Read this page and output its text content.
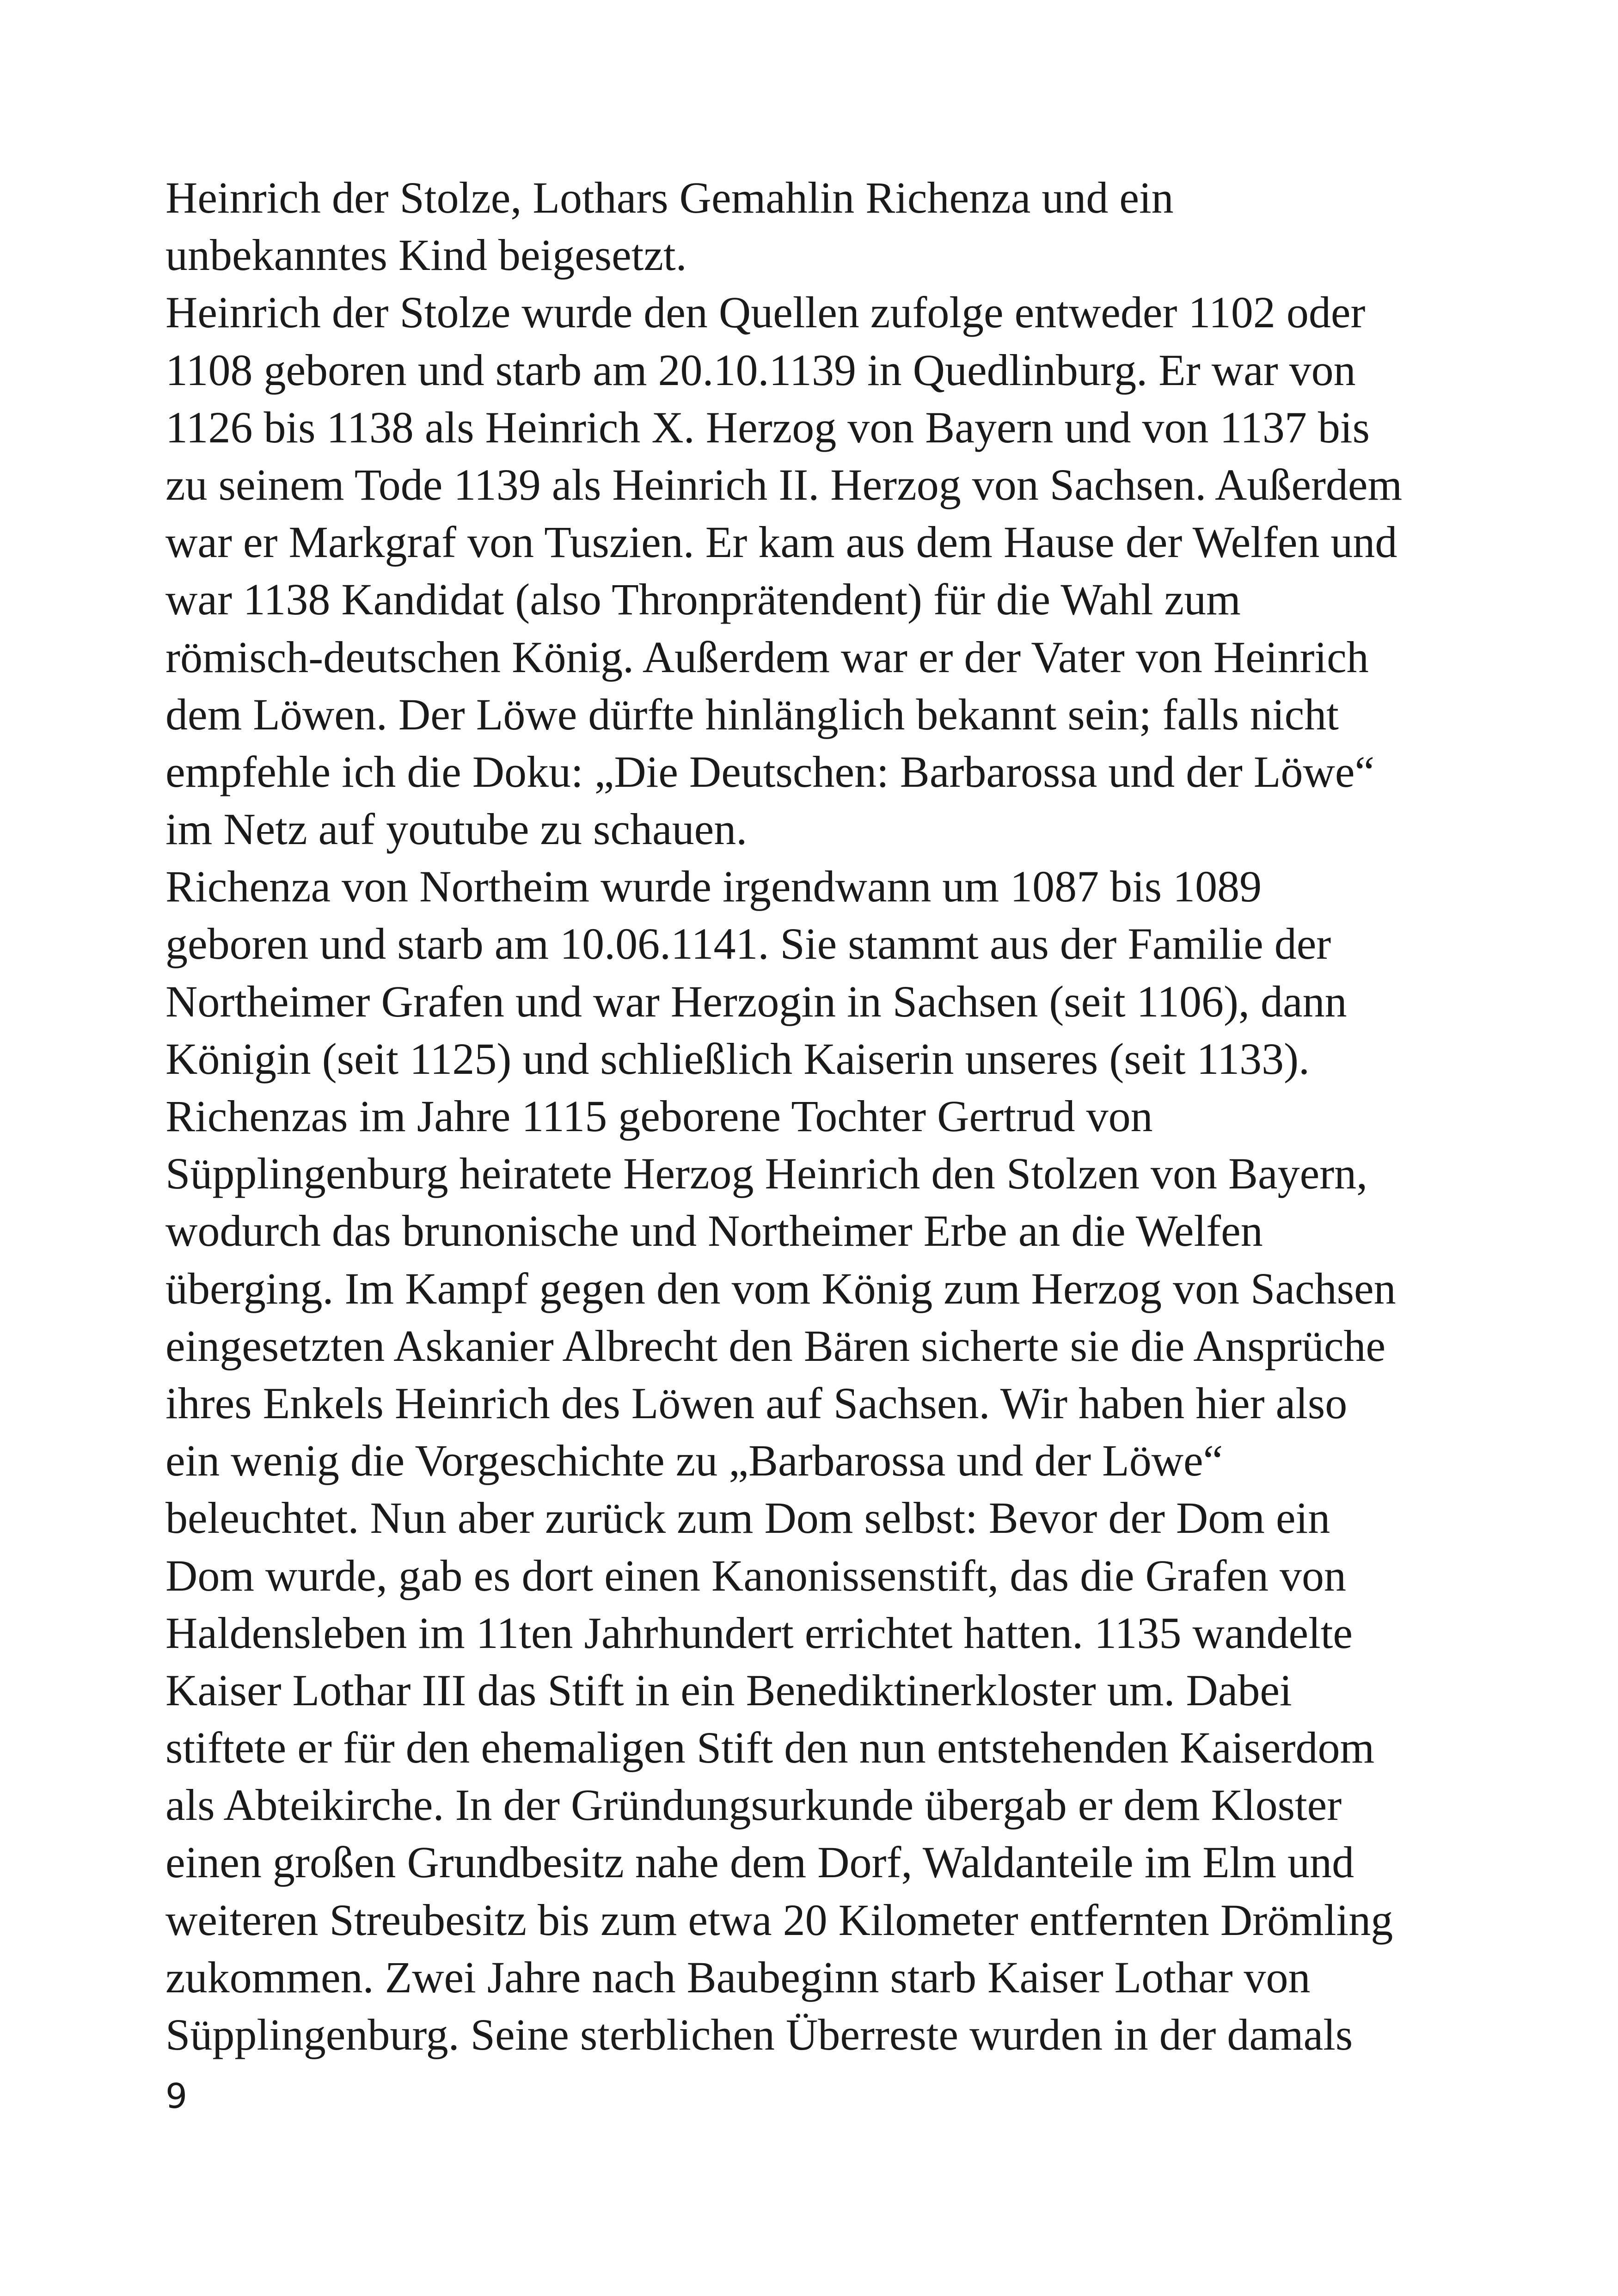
Heinrich der Stolze, Lothars Gemahlin Richenza und ein
unbekanntes Kind beigesetzt.
Heinrich der Stolze wurde den Quellen zufolge entweder 1102 oder
1108 geboren und starb am 20.10.1139 in Quedlinburg. Er war von
1126 bis 1138 als Heinrich X. Herzog von Bayern und von 1137 bis
zu seinem Tode 1139 als Heinrich II. Herzog von Sachsen. Außerdem
war er Markgraf von Tuszien. Er kam aus dem Hause der Welfen und
war 1138 Kandidat (also Thronprätendent) für die Wahl zum
römisch-deutschen König. Außerdem war er der Vater von Heinrich
dem Löwen. Der Löwe dürfte hinlänglich bekannt sein; falls nicht
empfehle ich die Doku: „Die Deutschen: Barbarossa und der Löwe“
im Netz auf youtube zu schauen.
Richenza von Northeim wurde irgendwann um 1087 bis 1089
geboren und starb am 10.06.1141. Sie stammt aus der Familie der
Northeimer Grafen und war Herzogin in Sachsen (seit 1106), dann
Königin (seit 1125) und schließlich Kaiserin unseres (seit 1133).
Richenzas im Jahre 1115 geborene Tochter Gertrud von
Süpplingenburg heiratete Herzog Heinrich den Stolzen von Bayern,
wodurch das brunonische und Northeimer Erbe an die Welfen
überging. Im Kampf gegen den vom König zum Herzog von Sachsen
eingesetzten Askanier Albrecht den Bären sicherte sie die Ansprüche
ihres Enkels Heinrich des Löwen auf Sachsen. Wir haben hier also
ein wenig die Vorgeschichte zu „Barbarossa und der Löwe“
beleuchtet. Nun aber zurück zum Dom selbst: Bevor der Dom ein
Dom wurde, gab es dort einen Kanonissenstift, das die Grafen von
Haldensleben im 11ten Jahrhundert errichtet hatten. 1135 wandelte
Kaiser Lothar III das Stift in ein Benediktinerkloster um. Dabei
stiftete er für den ehemaligen Stift den nun entstehenden Kaiserdom
als Abteikirche. In der Gründungsurkunde übergab er dem Kloster
einen großen Grundbesitz nahe dem Dorf, Waldanteile im Elm und
weiteren Streubesitz bis zum etwa 20 Kilometer entfernten Drömling
zukommen. Zwei Jahre nach Baubeginn starb Kaiser Lothar von
Süpplingenburg. Seine sterblichen Überreste wurden in der damals
9
